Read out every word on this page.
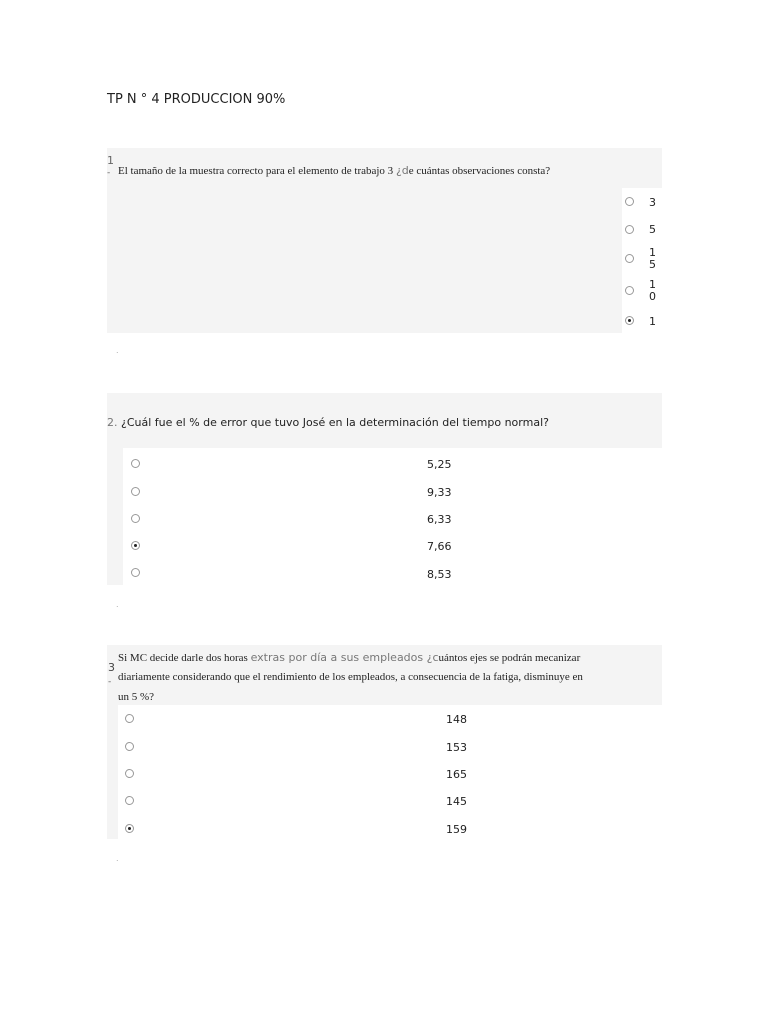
TP N ° 4 PRODUCCION 90%
1
- El tamaño de la muestra correcto para el elemento de trabajo 3 ¿de cuántas observaciones consta?
3
5
15
10
1
.
2. ¿Cuál fue el % de error que tuvo José en la determinación del tiempo normal?
5,25
9,33
6,33
7,66
8,53
.
3
-
Si MC decide darle dos horas extras por día a sus empleados ¿cuántos ejes se podrán mecanizar
diariamente considerando que el rendimiento de los empleados, a consecuencia de la fatiga, disminuye en
un 5 %?
148
153
165
145
159
.
